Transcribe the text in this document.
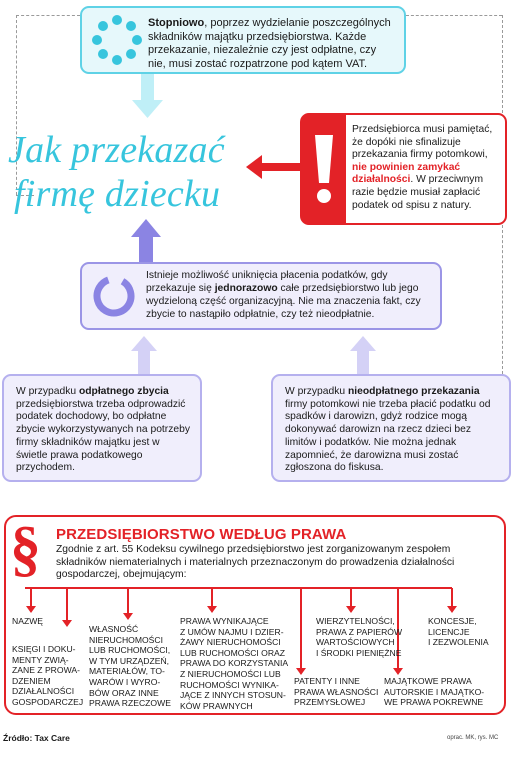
Stopniowo, poprzez wydzielanie poszczególnych składników majątku przedsiębiorstwa. Każde przekazanie, niezależnie czy jest odpłatne, czy nie, musi zostać rozpatrzone pod kątem VAT.
Jak przekazać
firmę dziecku
Przedsiębiorca musi pamiętać, że dopóki nie sfinalizuje przekazania firmy potomkowi, nie powinien zamykać działalności. W przeciwnym razie będzie musiał zapłacić podatek od spisu z natury.
Istnieje możliwość uniknięcia płacenia podatków, gdy przekazuje się jednorazowo całe przedsiębiorstwo lub jego wydzieloną część organizacyjną. Nie ma znaczenia fakt, czy zbycie to nastąpiło odpłatnie, czy też nieodpłatnie.
W przypadku odpłatnego zbycia przedsiębiorstwa trzeba odprowadzić podatek dochodowy, bo odpłatne zbycie wykorzystywanych na potrzeby firmy składników majątku jest w świetle prawa podatkowego przychodem.
W przypadku nieodpłatnego przekazania firmy potomkowi nie trzeba płacić podatku od spadków i darowizn, gdyż rodzice mogą dokonywać darowizn na rzecz dzieci bez limitów i podatków. Nie można jednak zapomnieć, że darowizna musi zostać zgłoszona do fiskusa.
§ PRZEDSIĘBIORSTWO WEDŁUG PRAWA
Zgodnie z art. 55 Kodeksu cywilnego przedsiębiorstwo jest zorganizowanym zespołem składników niematerialnych i materialnych przeznaczonym do prowadzenia działalności gospodarczej, obejmującym:
NAZWĘ
KSIĘGI I DOKU-
MENTY ZWIĄ-
ZANE Z PROWA-
DZENIEM
DZIAŁALNOŚCI
GOSPODARCZEJ
WŁASNOŚĆ
NIERUCHOMOŚCI
LUB RUCHOMOŚCI,
W TYM URZĄDZEŃ,
MATERIAŁÓW, TO-
WARÓW I WYRO-
BÓW ORAZ INNE
PRAWA RZECZOWE
PRAWA WYNIKAJĄCE
Z UMÓW NAJMU I DZIER-
ŻAWY NIERUCHOMOŚCI
LUB RUCHOMOŚCI ORAZ
PRAWA DO KORZYSTANIA
Z NIERUCHOMOŚCI LUB
RUCHOMOŚCI WYNIKA-
JĄCE Z INNYCH STOSUN-
KÓW PRAWNYCH
PATENTY I INNE
PRAWA WŁASNOŚCI
PRZEMYSŁOWEJ
WIERZYTELNOŚCI,
PRAWA Z PAPIERÓW
WARTOŚCIOWYCH
I ŚRODKI PIENIĘŻNE
MAJĄTKOWE PRAWA
AUTORSKIE I MAJĄTKO-
WE PRAWA POKREWNE
KONCESJE,
LICENCJE
I ZEZWOLENIA
Źródło: Tax Care	oprac. MK, rys. MC
